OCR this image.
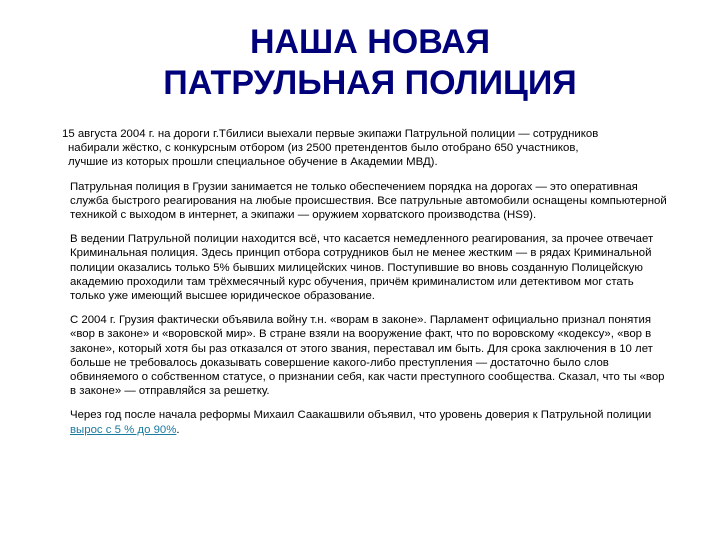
НАША НОВАЯ
ПАТРУЛЬНАЯ ПОЛИЦИЯ

15 августа 2004 г. на дороги г.Тбилиси выехали первые экипажи Патрульной полиции — сотрудников
набирали жёстко, с конкурсным отбором (из 2500 претендентов было отобрано 650 участников,
лучшие из которых прошли специальное обучение в Академии МВД).

Патрульная полиция в Грузии занимается не только обеспечением порядка на дорогах — это оперативная служба быстрого реагирования на любые происшествия. Все патрульные автомобили оснащены компьютерной техникой с выходом в интернет, а экипажи — оружием хорватского производства (HS9).

В ведении Патрульной полиции находится всё, что касается немедленного реагирования, за прочее отвечает Криминальная полиция. Здесь принцип отбора сотрудников был не менее жестким — в рядах Криминальной полиции оказались только 5% бывших милицейских чинов. Поступившие во вновь созданную Полицейскую академию проходили там трёхмесячный курс обучения, причём криминалистом или детективом мог стать только уже имеющий высшее юридическое образование.

С 2004 г. Грузия фактически объявила войну т.н. «ворам в законе». Парламент официально признал понятия «вор в законе» и «воровской мир». В стране взяли на вооружение факт, что по воровскому «кодексу», «вор в законе», который хотя бы раз отказался от этого звания, переставал им быть. Для срока заключения в 10 лет больше не требовалось доказывать совершение какого-либо преступления — достаточно было слов обвиняемого о собственном статусе, о признании себя, как части преступного сообщества. Сказал, что ты «вор в законе» — отправляйся за решетку.

Через год после начала реформы Михаил Саакашвили объявил, что уровень доверия к Патрульной полиции вырос с 5 % до 90%.
